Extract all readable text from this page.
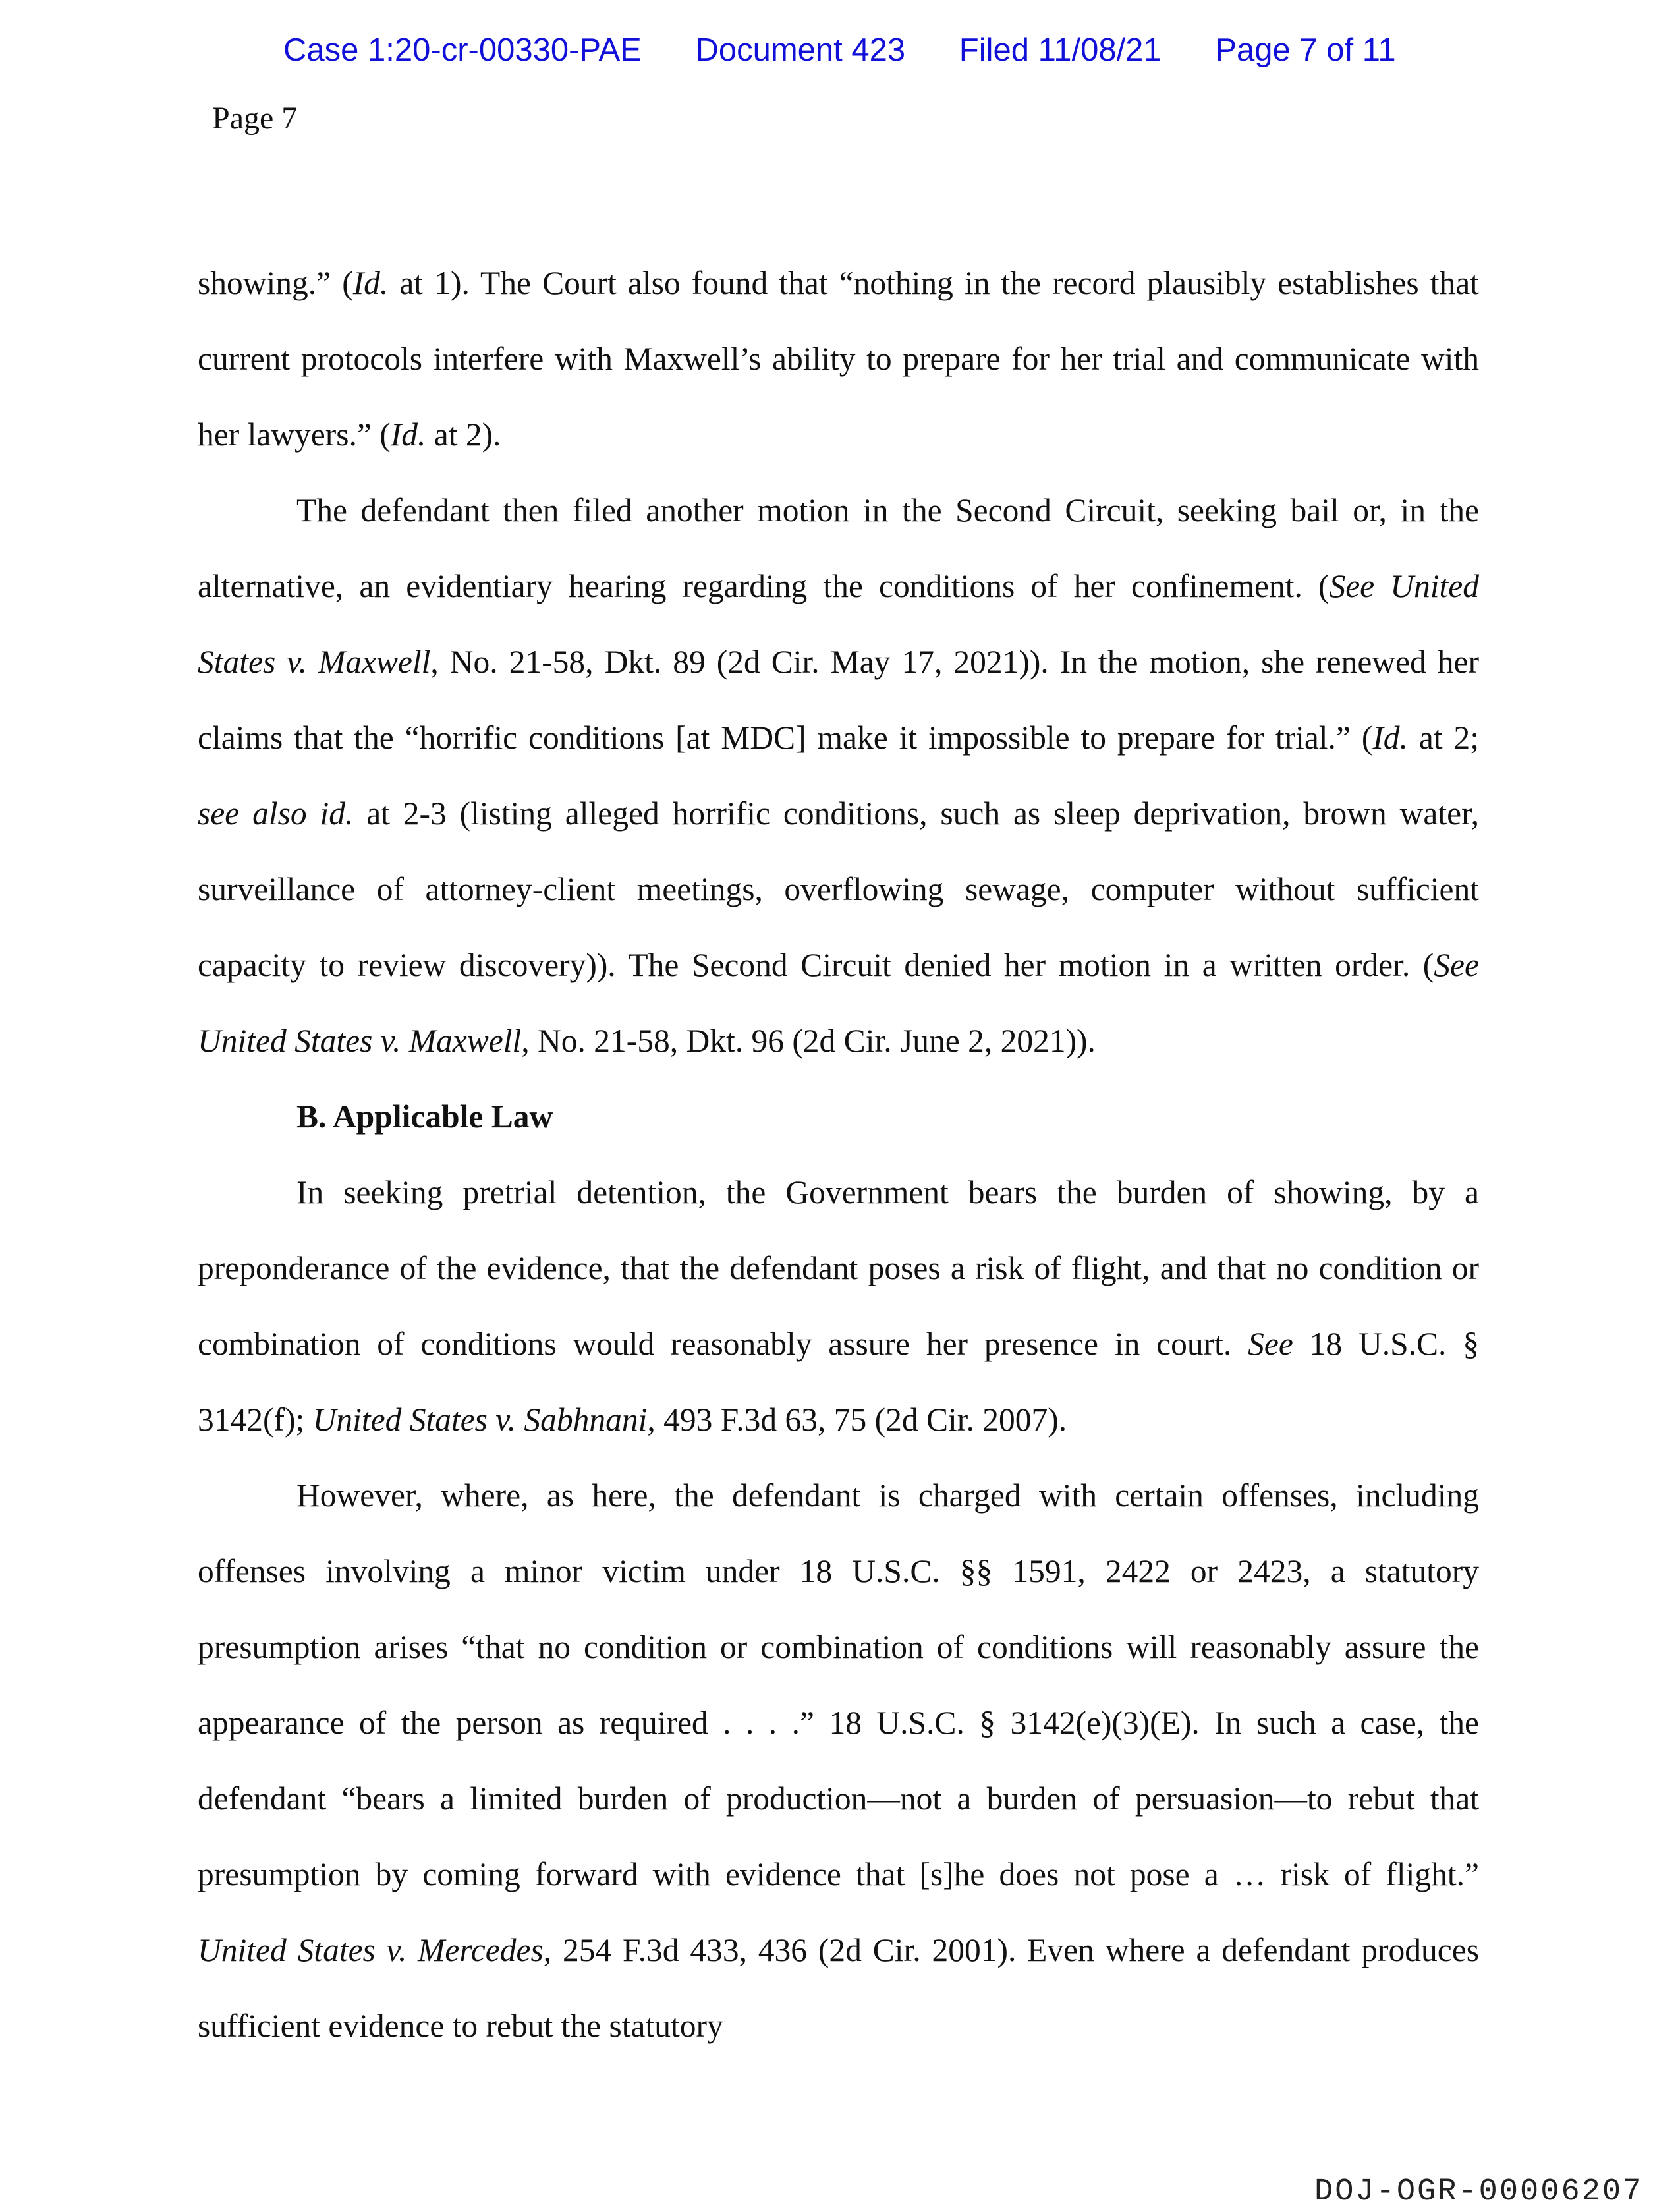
Case 1:20-cr-00330-PAE Document 423 Filed 11/08/21 Page 7 of 11
Page 7

showing.” (Id. at 1). The Court also found that “nothing in the record plausibly establishes that current protocols interfere with Maxwell’s ability to prepare for her trial and communicate with her lawyers.” (Id. at 2).

The defendant then filed another motion in the Second Circuit, seeking bail or, in the alternative, an evidentiary hearing regarding the conditions of her confinement. (See United States v. Maxwell, No. 21-58, Dkt. 89 (2d Cir. May 17, 2021)). In the motion, she renewed her claims that the “horrific conditions [at MDC] make it impossible to prepare for trial.” (Id. at 2; see also id. at 2-3 (listing alleged horrific conditions, such as sleep deprivation, brown water, surveillance of attorney-client meetings, overflowing sewage, computer without sufficient capacity to review discovery)). The Second Circuit denied her motion in a written order. (See United States v. Maxwell, No. 21-58, Dkt. 96 (2d Cir. June 2, 2021)).

B. Applicable Law

In seeking pretrial detention, the Government bears the burden of showing, by a preponderance of the evidence, that the defendant poses a risk of flight, and that no condition or combination of conditions would reasonably assure her presence in court. See 18 U.S.C. § 3142(f); United States v. Sabhnani, 493 F.3d 63, 75 (2d Cir. 2007).

However, where, as here, the defendant is charged with certain offenses, including offenses involving a minor victim under 18 U.S.C. §§ 1591, 2422 or 2423, a statutory presumption arises “that no condition or combination of conditions will reasonably assure the appearance of the person as required . . . .” 18 U.S.C. § 3142(e)(3)(E). In such a case, the defendant “bears a limited burden of production—not a burden of persuasion—to rebut that presumption by coming forward with evidence that [s]he does not pose a … risk of flight.” United States v. Mercedes, 254 F.3d 433, 436 (2d Cir. 2001). Even where a defendant produces sufficient evidence to rebut the statutory

DOJ-OGR-00006207
